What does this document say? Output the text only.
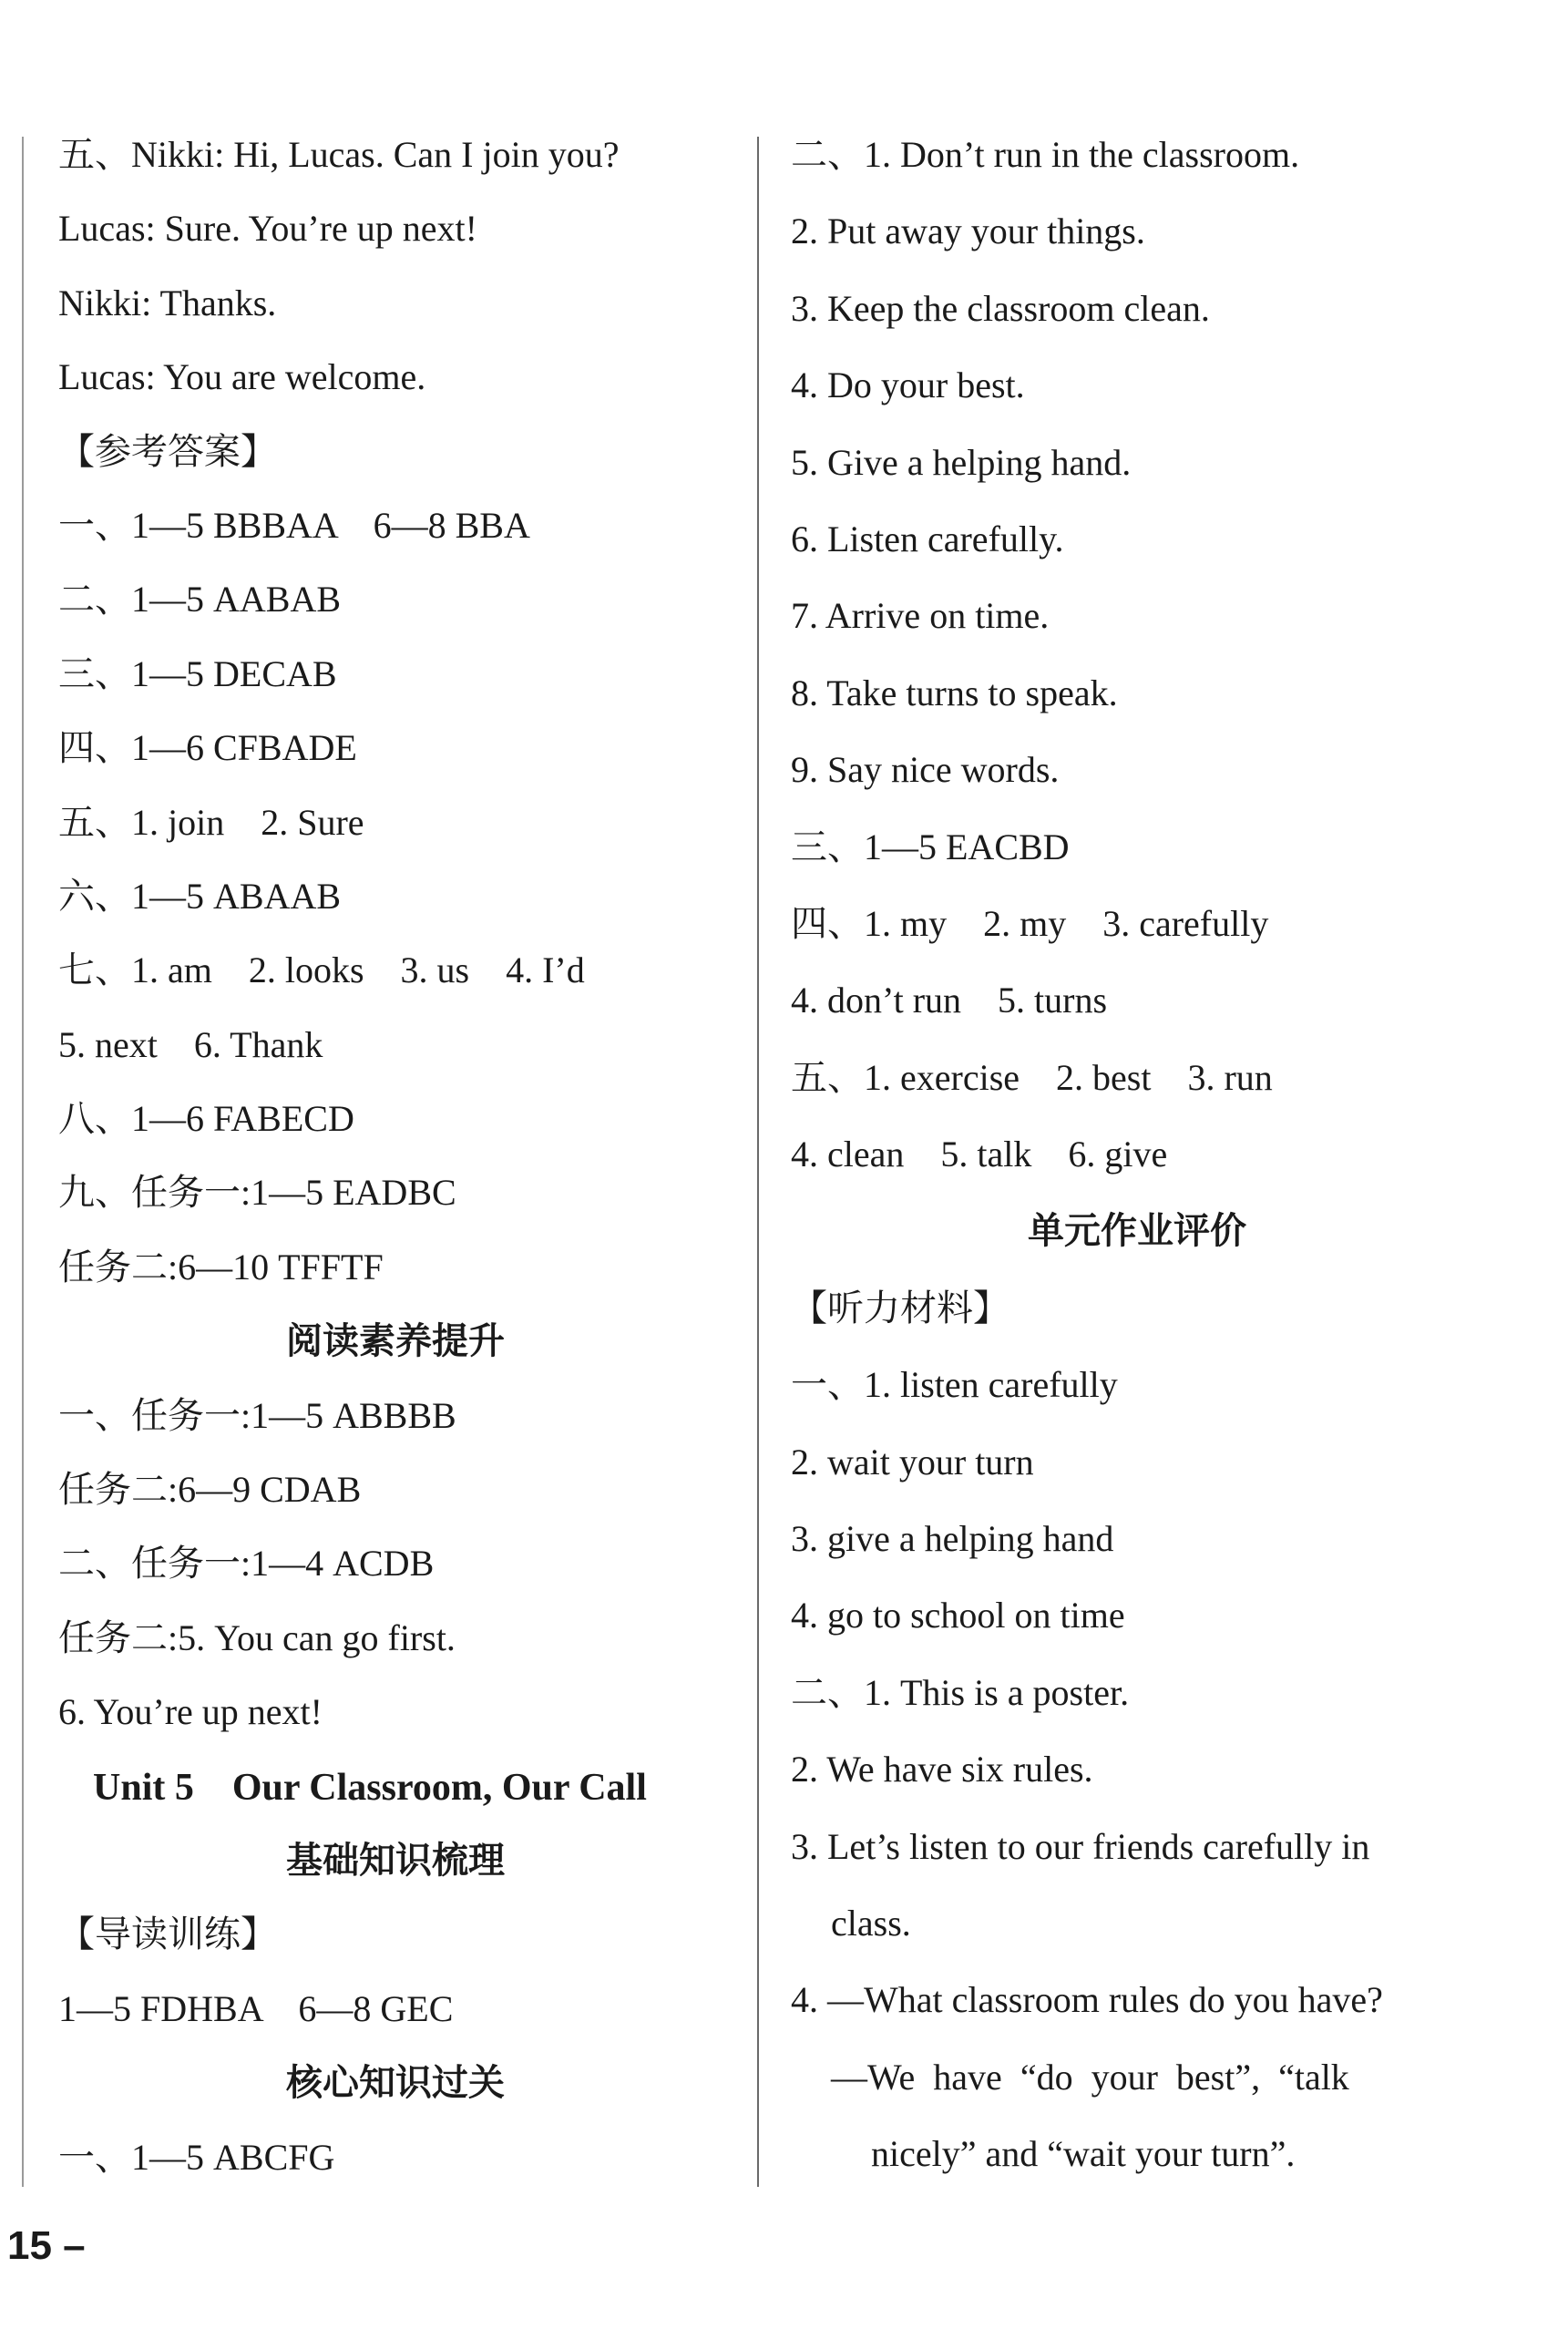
五、Nikki: Hi, Lucas. Can I join you?
Lucas: Sure. You’re up next!
Nikki: Thanks.
Lucas: You are welcome.
【参考答案】
一、1—5 BBBAA    6—8 BBA
二、1—5 AABAB
三、1—5 DECAB
四、1—6 CFBADE
五、1. join    2. Sure
六、1—5 ABAAB
七、1. am    2. looks    3. us    4. I’d
5. next    6. Thank
八、1—6 FABECD
九、任务一:1—5 EADBC
任务二:6—10 TFFTF
阅读素养提升
一、任务一:1—5 ABBBB
任务二:6—9 CDAB
二、任务一:1—4 ACDB
任务二:5. You can go first.
6. You’re up next!
Unit 5    Our Classroom, Our Call
基础知识梳理
【导读训练】
1—5 FDHBA    6—8 GEC
核心知识过关
一、1—5 ABCFG
二、1. Don’t run in the classroom.
2. Put away your things.
3. Keep the classroom clean.
4. Do your best.
5. Give a helping hand.
6. Listen carefully.
7. Arrive on time.
8. Take turns to speak.
9. Say nice words.
三、1—5 EACBD
四、1. my    2. my    3. carefully
4. don’t run    5. turns
五、1. exercise    2. best    3. run
4. clean    5. talk    6. give
单元作业评价
【听力材料】
一、1. listen carefully
2. wait your turn
3. give a helping hand
4. go to school on time
二、1. This is a poster.
2. We have six rules.
3. Let’s listen to our friends carefully in
class.
4. —What classroom rules do you have?
—We  have  “do  your  best”,  “talk
nicely” and “wait your turn”.
15 –
